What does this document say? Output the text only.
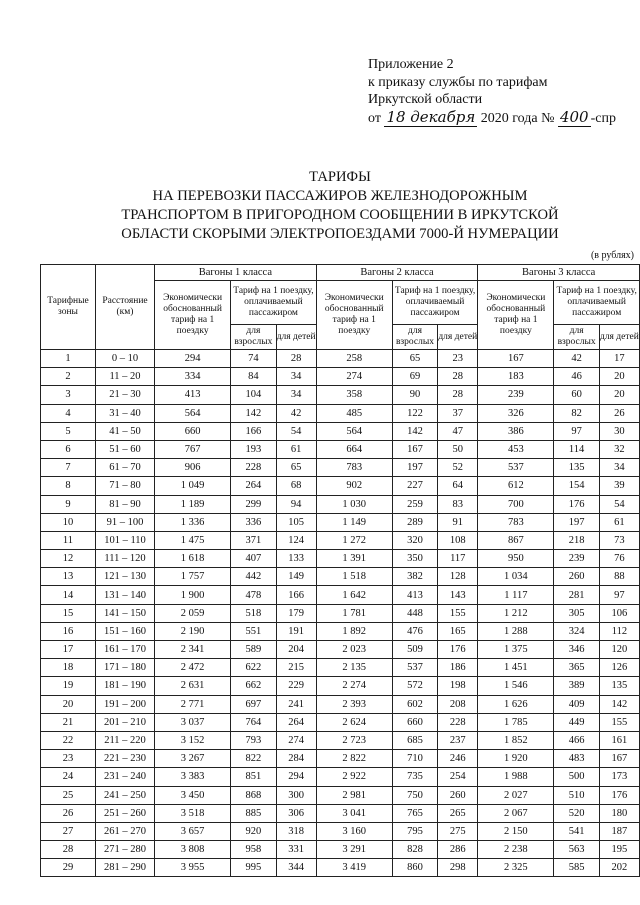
Приложение 2
к приказу службы по тарифам
Иркутской области
от 18 декабря 2020 года № 400 -спр
ТАРИФЫ
НА ПЕРЕВОЗКИ ПАССАЖИРОВ ЖЕЛЕЗНОДОРОЖНЫМ
ТРАНСПОРТОМ В ПРИГОРОДНОМ СООБЩЕНИИ В ИРКУТСКОЙ
ОБЛАСТИ СКОРЫМИ ЭЛЕКТРОПОЕЗДАМИ 7000-Й НУМЕРАЦИИ
(в рублях)
Тарифные зоны	Расстояние (км)	Вагоны 1 класса			Вагоны 2 класса			Вагоны 3 класса		
		Экономически обоснованный тариф на 1 поездку	Тариф на 1 поездку, оплачиваемый пассажиром		Экономически обоснованный тариф на 1 поездку	Тариф на 1 поездку, оплачиваемый пассажиром		Экономически обоснованный тариф на 1 поездку	Тариф на 1 поездку, оплачиваемый пассажиром	
			для взрослых	для детей		для взрослых	для детей		для взрослых	для детей
1	0 – 10	294	74	28	258	65	23	167	42	17
2	11 – 20	334	84	34	274	69	28	183	46	20
3	21 – 30	413	104	34	358	90	28	239	60	20
4	31 – 40	564	142	42	485	122	37	326	82	26
5	41 – 50	660	166	54	564	142	47	386	97	30
6	51 – 60	767	193	61	664	167	50	453	114	32
7	61 – 70	906	228	65	783	197	52	537	135	34
8	71 – 80	1 049	264	68	902	227	64	612	154	39
9	81 – 90	1 189	299	94	1 030	259	83	700	176	54
10	91 – 100	1 336	336	105	1 149	289	91	783	197	61
11	101 – 110	1 475	371	124	1 272	320	108	867	218	73
12	111 – 120	1 618	407	133	1 391	350	117	950	239	76
13	121 – 130	1 757	442	149	1 518	382	128	1 034	260	88
14	131 – 140	1 900	478	166	1 642	413	143	1 117	281	97
15	141 – 150	2 059	518	179	1 781	448	155	1 212	305	106
16	151 – 160	2 190	551	191	1 892	476	165	1 288	324	112
17	161 – 170	2 341	589	204	2 023	509	176	1 375	346	120
18	171 – 180	2 472	622	215	2 135	537	186	1 451	365	126
19	181 – 190	2 631	662	229	2 274	572	198	1 546	389	135
20	191 – 200	2 771	697	241	2 393	602	208	1 626	409	142
21	201 – 210	3 037	764	264	2 624	660	228	1 785	449	155
22	211 – 220	3 152	793	274	2 723	685	237	1 852	466	161
23	221 – 230	3 267	822	284	2 822	710	246	1 920	483	167
24	231 – 240	3 383	851	294	2 922	735	254	1 988	500	173
25	241 – 250	3 450	868	300	2 981	750	260	2 027	510	176
26	251 – 260	3 518	885	306	3 041	765	265	2 067	520	180
27	261 – 270	3 657	920	318	3 160	795	275	2 150	541	187
28	271 – 280	3 808	958	331	3 291	828	286	2 238	563	195
29	281 – 290	3 955	995	344	3 419	860	298	2 325	585	202
